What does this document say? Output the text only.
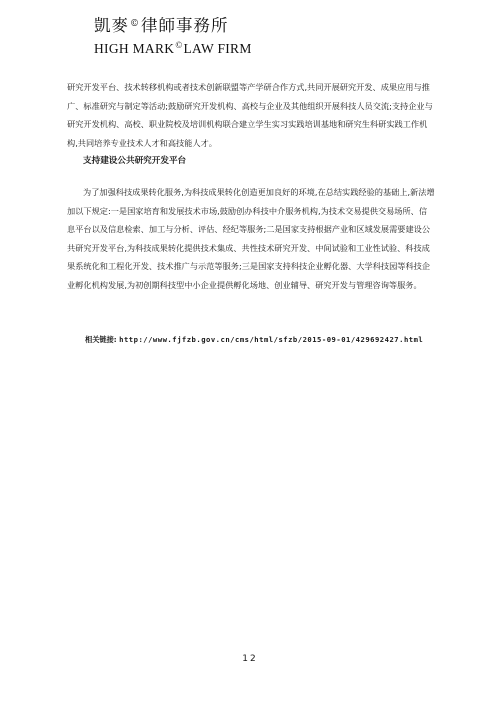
凱麥©律師事務所
HIGH MARK©LAW FIRM
研究开发平台、技术转移机构或者技术创新联盟等产学研合作方式,共同开展研究开发、成果应用与推广、标准研究与制定等活动;鼓励研究开发机构、高校与企业及其他组织开展科技人员交流;支持企业与研究开发机构、高校、职业院校及培训机构联合建立学生实习实践培训基地和研究生科研实践工作机构,共同培养专业技术人才和高技能人才。
支持建设公共研究开发平台
为了加强科技成果转化服务,为科技成果转化创造更加良好的环境,在总结实践经验的基础上,新法增加以下规定:一是国家培育和发展技术市场,鼓励创办科技中介服务机构,为技术交易提供交易场所、信息平台以及信息检索、加工与分析、评估、经纪等服务;二是国家支持根据产业和区域发展需要建设公共研究开发平台,为科技成果转化提供技术集成、共性技术研究开发、中间试验和工业性试验、科技成果系统化和工程化开发、技术推广与示范等服务;三是国家支持科技企业孵化器、大学科技园等科技企业孵化机构发展,为初创期科技型中小企业提供孵化场地、创业辅导、研究开发与管理咨询等服务。
相关链接: http://www.fjfzb.gov.cn/cms/html/sfzb/2015-09-01/429692427.html
12
